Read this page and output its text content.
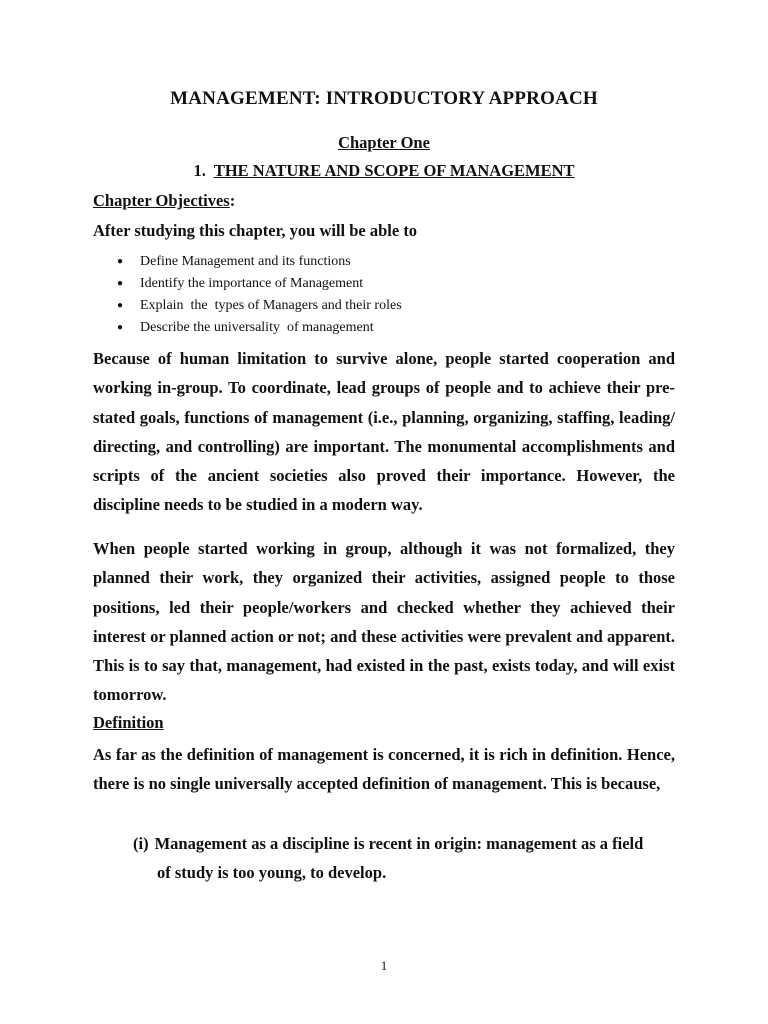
MANAGEMENT: INTRODUCTORY APPROACH
Chapter One
1. THE NATURE AND SCOPE OF MANAGEMENT
Chapter Objectives:
After studying this chapter, you will be able to
● Define Management and its functions
● Identify the importance of Management
● Explain  the  types of Managers and their roles
● Describe the universality  of management
Because of human limitation to survive alone, people started cooperation and working in-group. To coordinate, lead groups of people and to achieve their pre-stated goals, functions of management (i.e., planning, organizing, staffing, leading/ directing, and controlling) are important. The monumental accomplishments and scripts of the ancient societies also proved their importance. However, the discipline needs to be studied in a modern way.
When people started working in group, although it was not formalized, they planned their work, they organized their activities, assigned people to those positions, led their people/workers and checked whether they achieved their interest or planned action or not; and these activities were prevalent and apparent. This is to say that, management, had existed in the past, exists today, and will exist tomorrow.
Definition
As far as the definition of management is concerned, it is rich in definition. Hence, there is no single universally accepted definition of management. This is because,
(i) Management as a discipline is recent in origin: management as a field
of study is too young, to develop.
1
